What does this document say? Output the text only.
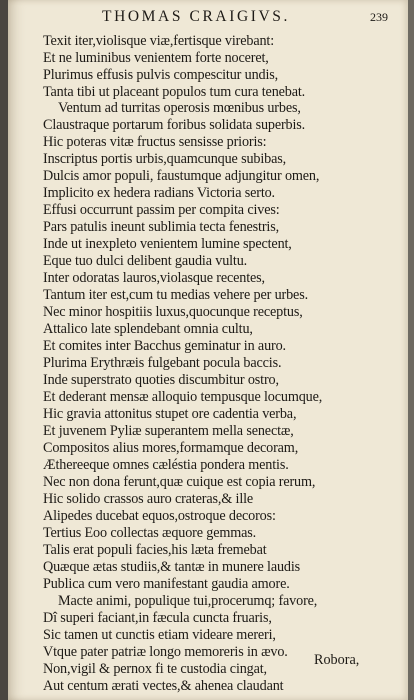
THOMAS CRAIGIVS.	239
Texit iter,violisque viæ,fertisque virebant:
Et ne luminibus venientem forte noceret,
Plurimus effusis pulvis compescitur undis,
Tanta tibi ut placeant populos tum cura tenebat.
Ventum ad turritas operosis mœnibus urbes,
Claustraque portarum foribus solidata superbis.
Hic poteras vitæ fructus sensisse prioris:
Inscriptus portis urbis,quamcunque subibas,
Dulcis amor populi, faustumque adjungitur omen,
Implicito ex hedera radians Victoria serto.
Effusi occurrunt passim per compita cives:
Pars patulis ineunt sublimia tecta fenestris,
Inde ut inexpleto venientem lumine spectent,
Eque tuo dulci delibent gaudia vultu.
Inter odoratas lauros,violasque recentes,
Tantum iter est,cum tu medias vehere per urbes.
Nec minor hospitiis luxus,quocunque receptus,
Attalico late splendebant omnia cultu,
Et comites inter Bacchus geminatur in auro.
Plurima Erythræis fulgebant pocula baccis.
Inde superstrato quoties discumbitur ostro,
Et dederant mensæ alloquio tempusque locumque,
Hic gravia attonitus stupet ore cadentia verba,
Et juvenem Pyliæ superantem mella senectæ,
Compositos alius mores,formamque decoram,
Æthereeque omnes cæléstia pondera mentis.
Nec non dona ferunt,quæ cuique est copia rerum,
Hic solido crassos auro crateras,& ille
Alipedes ducebat equos,ostroque decoros:
Tertius Eoo collectas æquore gemmas.
Talis erat populi facies,his læta fremebat
Quæque ætas studiis,& tantæ in munere laudis
Publica cum vero manifestant gaudia amore.
Macte animi, populique tui,procerumq; favore,
Dî superi faciant,in fæcula cuncta fruaris,
Sic tamen ut cunctis etiam videare mereri,
Vtque pater patriæ longo memoreris in ævo.
Non,vigil & pernox fi te custodia cingat,
Aut centum ærati vectes,& ahenea claudant
Robora,
